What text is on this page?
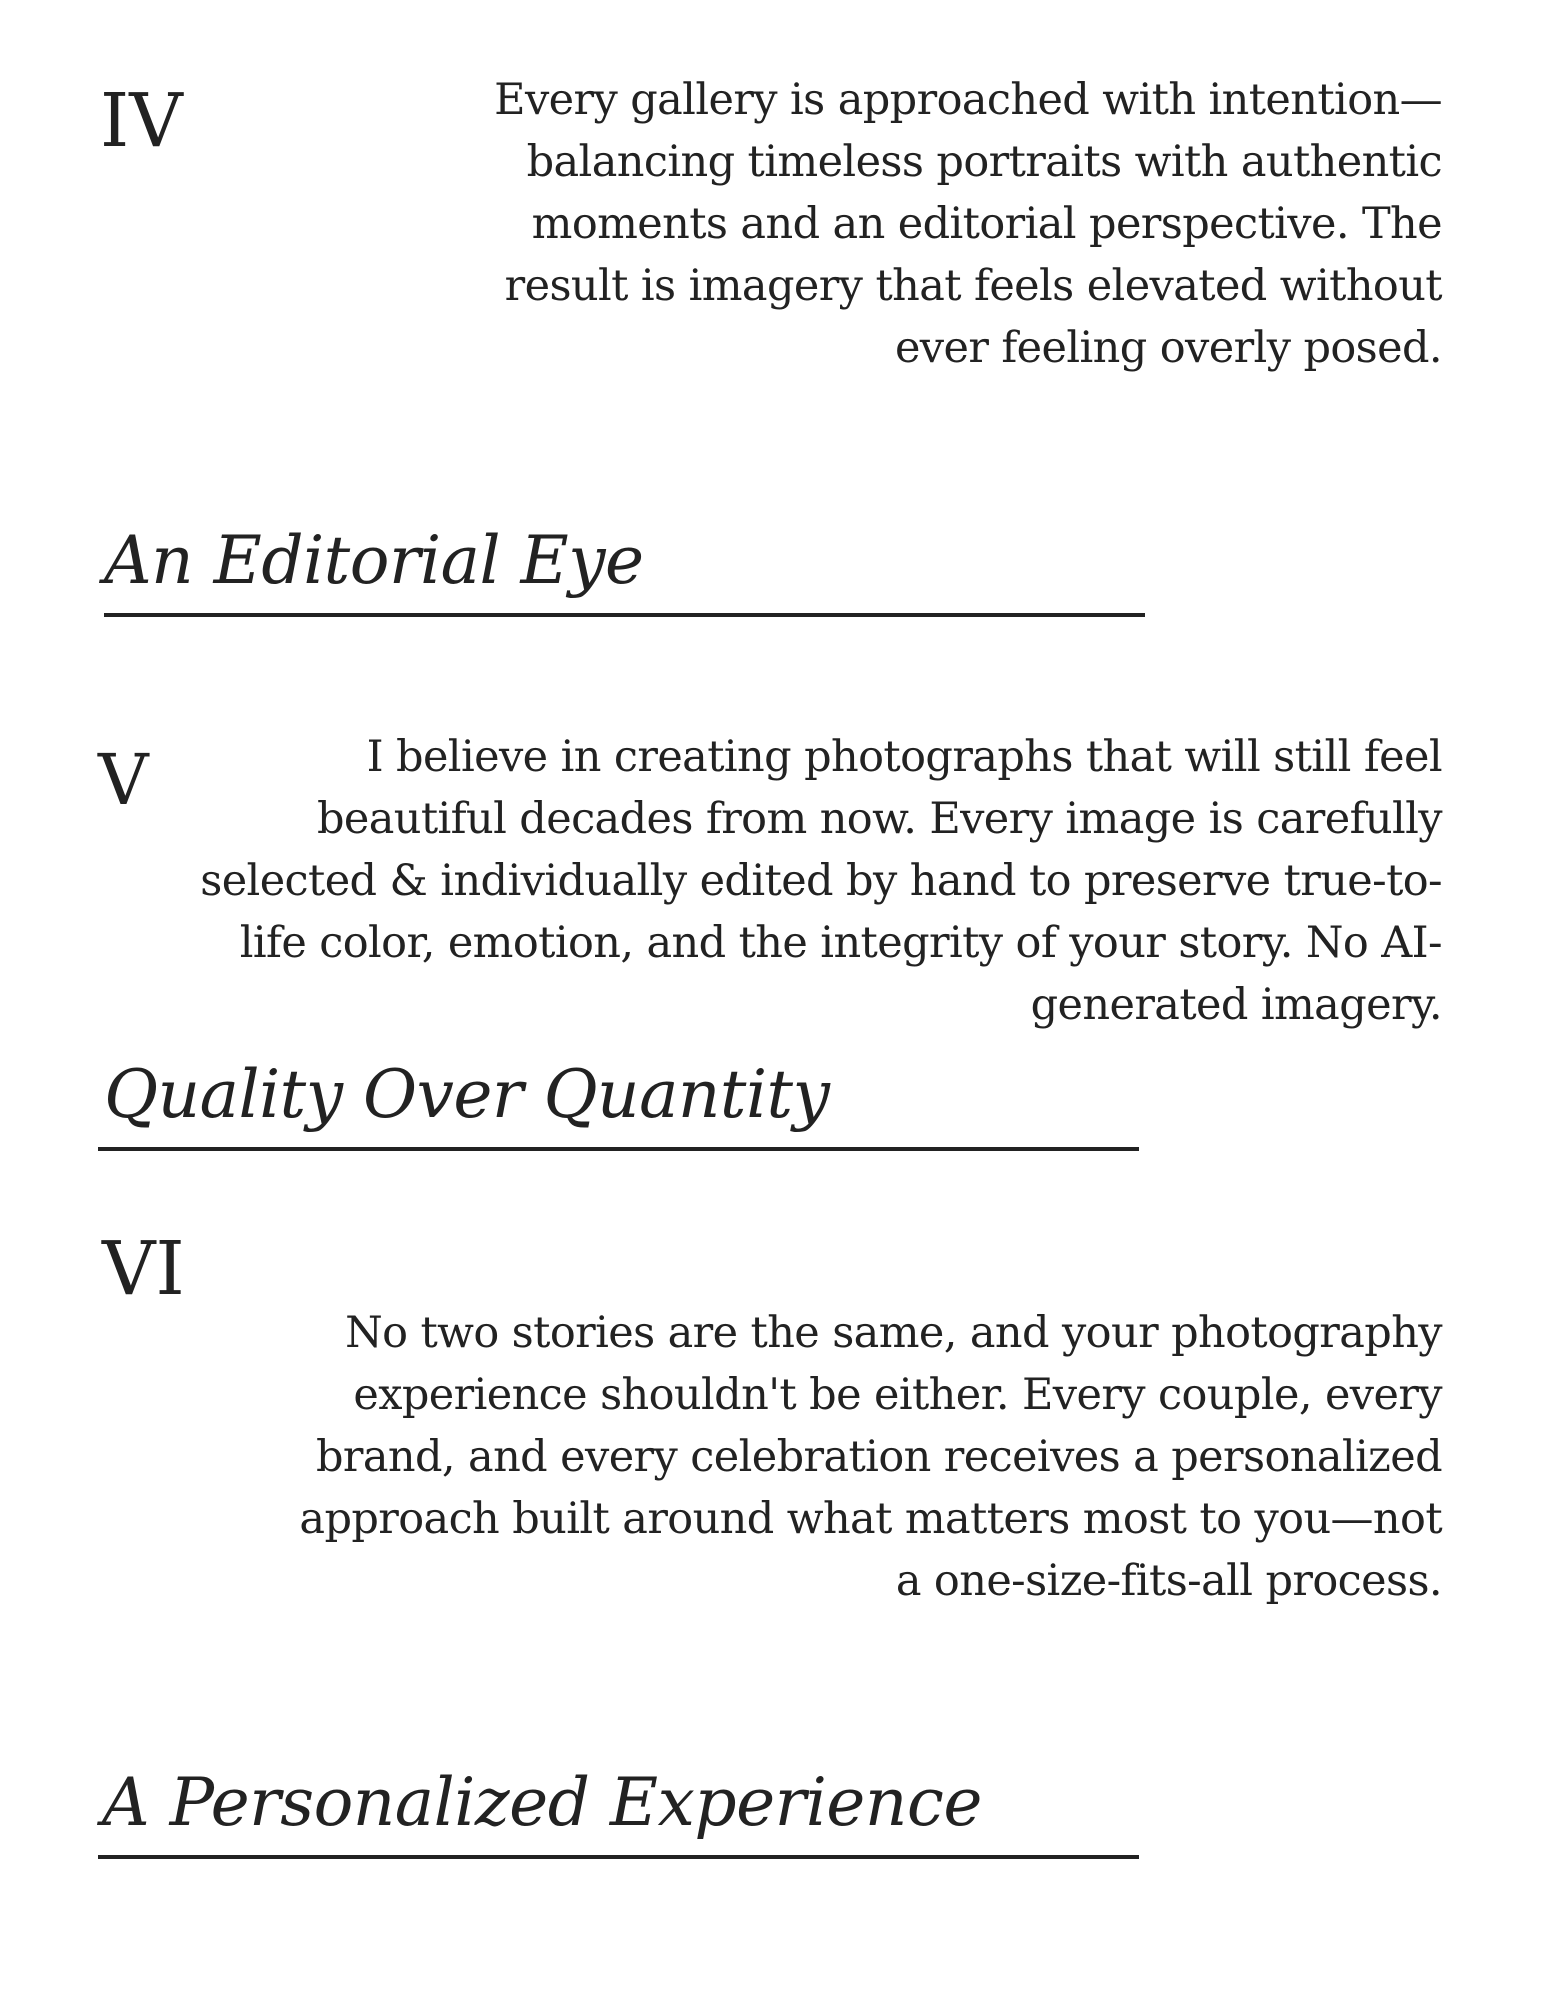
IV	Every gallery is approached with intention—
balancing timeless portraits with authentic
moments and an editorial perspective. The
result is imagery that feels elevated without
ever feeling overly posed.

An Editorial Eye
V	I believe in creating photographs that will still feel
beautiful decades from now. Every image is carefully
selected & individually edited by hand to preserve true-to-
life color, emotion, and the integrity of your story. No AI-
generated imagery.

Quality Over Quantity
VI

No two stories are the same, and your photography
experience shouldn't be either. Every couple, every
brand, and every celebration receives a personalized
approach built around what matters most to you—not
a one-size-fits-all process.

A Personalized Experience
